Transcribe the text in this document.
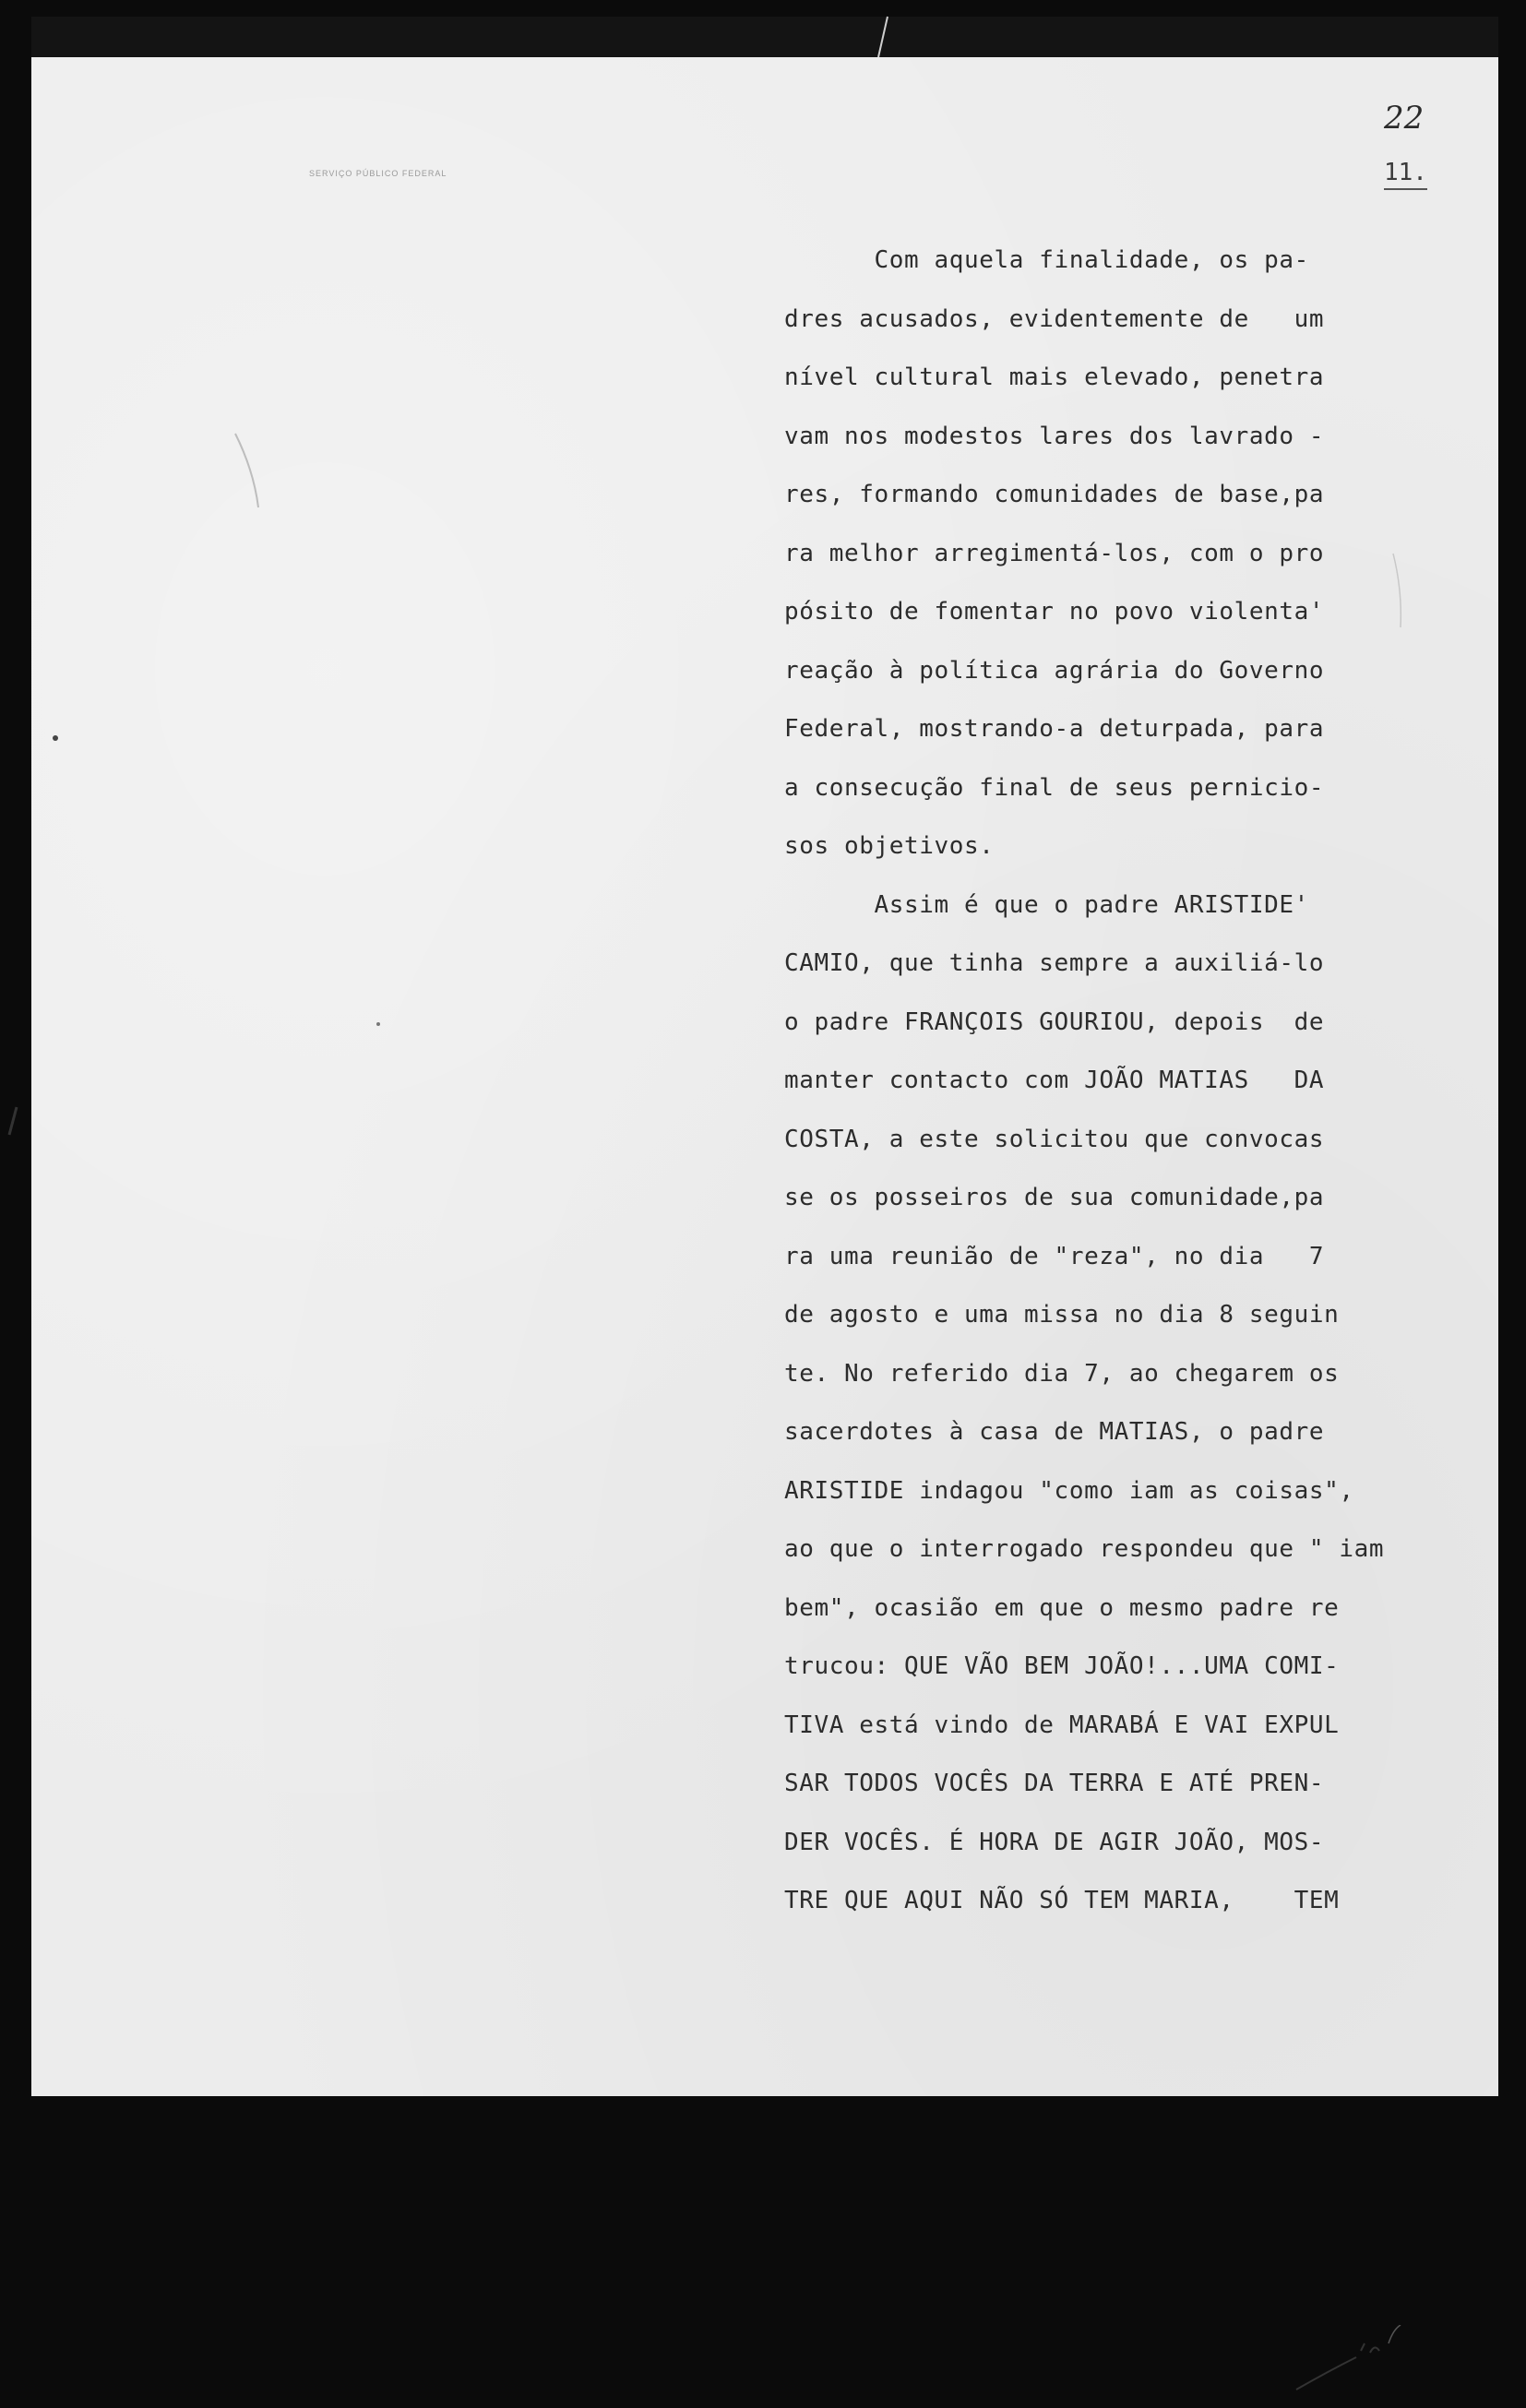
SERVIÇO PÚBLICO FEDERAL
22
11.
Com aquela finalidade, os pa-
dres acusados, evidentemente de   um
nível cultural mais elevado, penetra
vam nos modestos lares dos lavrado -
res, formando comunidades de base,pa
ra melhor arregimentá-los, com o pro
pósito de fomentar no povo violenta'
reação à política agrária do Governo
Federal, mostrando-a deturpada, para
a consecução final de seus pernicio-
sos objetivos.
Assim é que o padre ARISTIDE'
CAMIO, que tinha sempre a auxiliá-lo
o padre FRANÇOIS GOURIOU, depois  de
manter contacto com JOÃO MATIAS   DA
COSTA, a este solicitou que convocas
se os posseiros de sua comunidade,pa
ra uma reunião de "reza", no dia   7
de agosto e uma missa no dia 8 seguin
te. No referido dia 7, ao chegarem os
sacerdotes à casa de MATIAS, o padre
ARISTIDE indagou "como iam as coisas",
ao que o interrogado respondeu que " iam
bem", ocasião em que o mesmo padre re
trucou: QUE VÃO BEM JOÃO!...UMA COMI-
TIVA está vindo de MARABÁ E VAI EXPUL
SAR TODOS VOCÊS DA TERRA E ATÉ PREN-
DER VOCÊS. É HORA DE AGIR JOÃO, MOS-
TRE QUE AQUI NÃO SÓ TEM MARIA,    TEM
